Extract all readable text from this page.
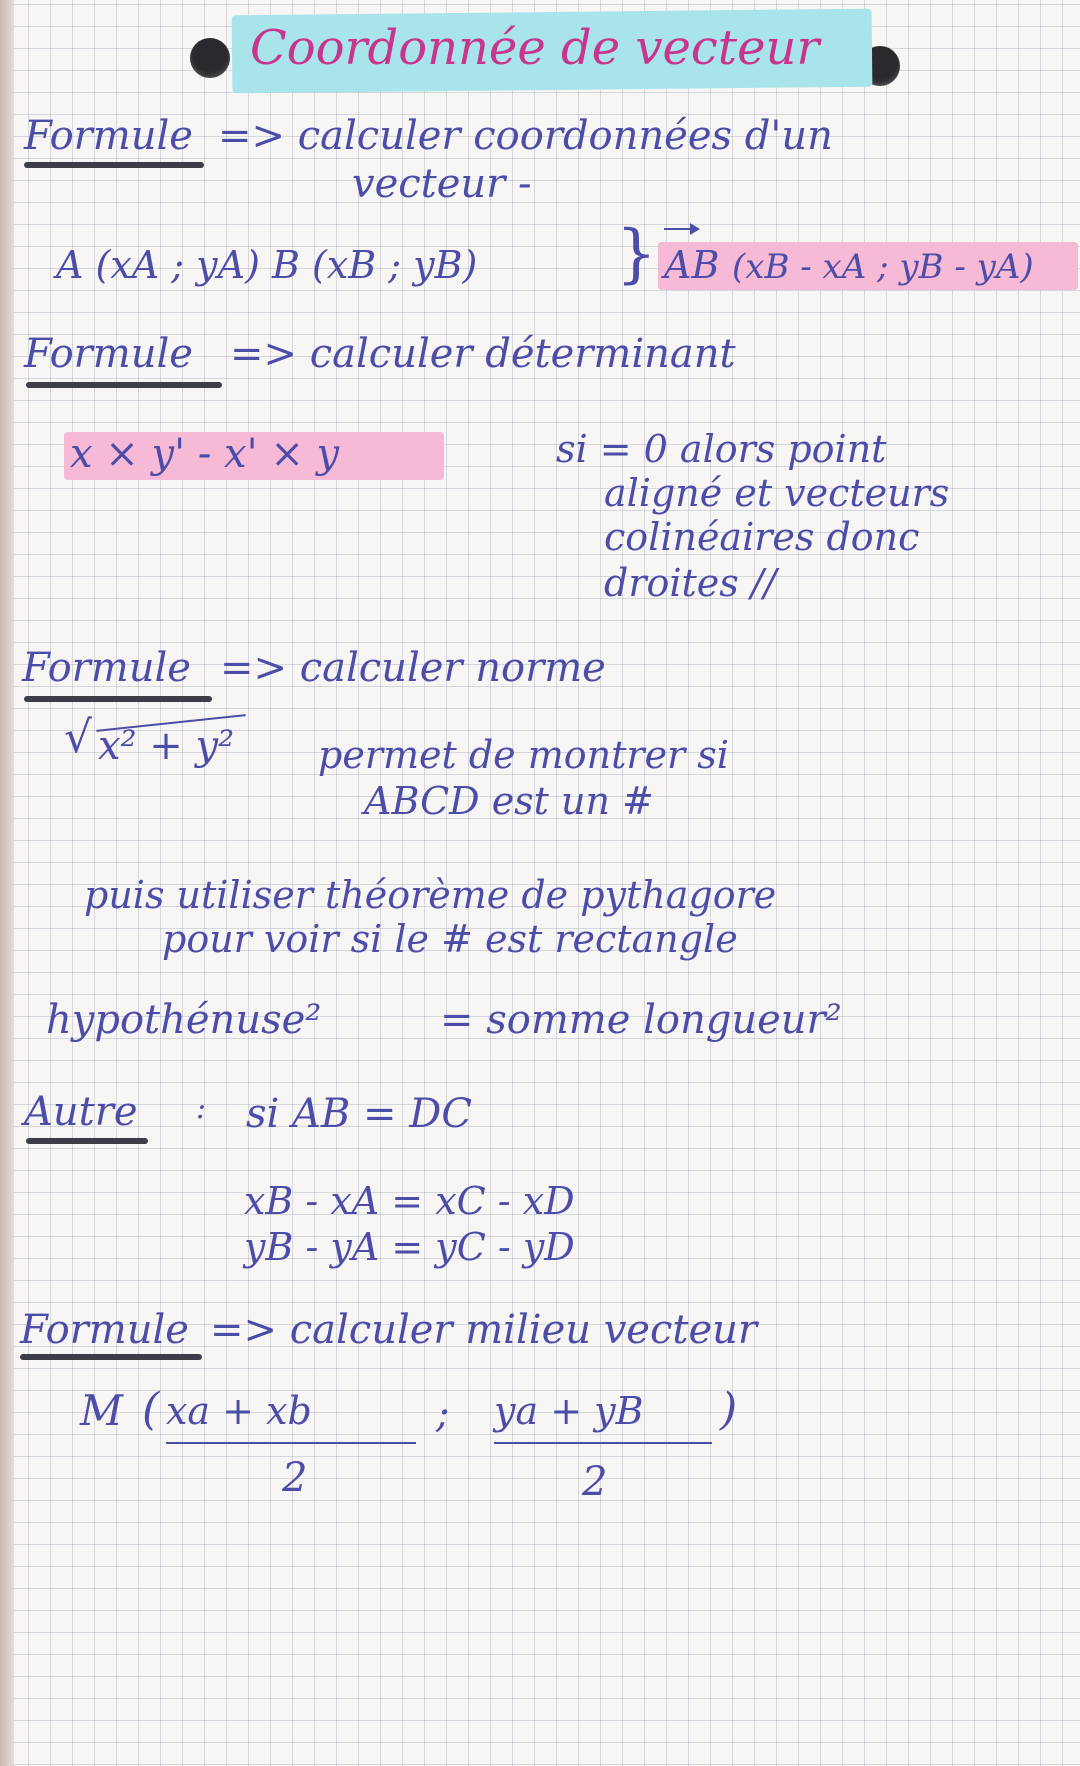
Coordonnée de vecteur
Formule => calculer coordonnées d'un
vecteur -
A (xA ; yA) B (xB ; yB) } AB (xB - xA ; yB - yA)
Formule => calculer déterminant
x × y' - x' × y	si = 0 alors point
aligné et vecteurs
colinéaires donc
droites //
Formule => calculer norme
√ x² + y² permet de montrer si
ABCD est un #
puis utiliser théorème de pythagore
pour voir si le # est rectangle
hypothénuse²	= somme longueur²
Autre : si AB = DC
xB - xA = xC - xD
yB - yA = yC - yD
Formule => calculer milieu vecteur
M ( xa + xb
2
; ya + yB )
2
